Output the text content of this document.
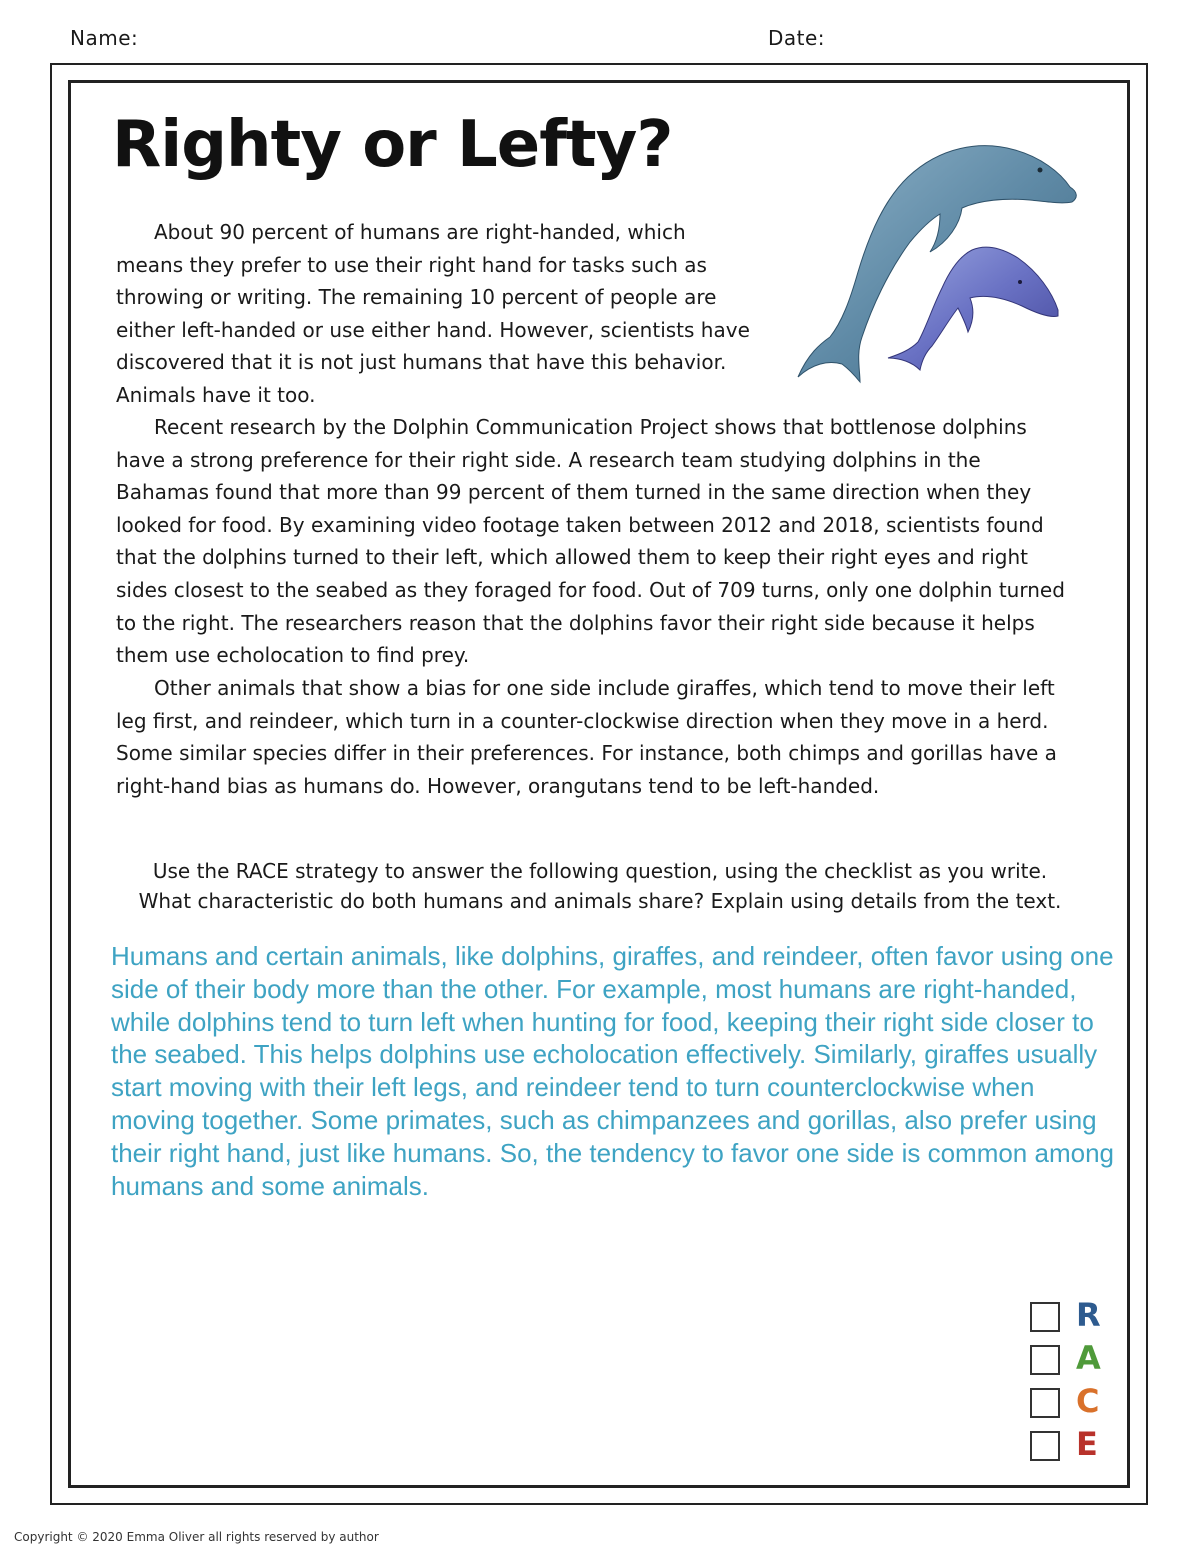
Name:	Date:
Righty or Lefty?

About 90 percent of humans are right-handed, which means they prefer to use their right hand for tasks such as throwing or writing. The remaining 10 percent of people are either left-handed or use either hand. However, scientists have discovered that it is not just humans that have this behavior. Animals have it too.

Recent research by the Dolphin Communication Project shows that bottlenose dolphins have a strong preference for their right side. A research team studying dolphins in the Bahamas found that more than 99 percent of them turned in the same direction when they looked for food. By examining video footage taken between 2012 and 2018, scientists found that the dolphins turned to their left, which allowed them to keep their right eyes and right sides closest to the seabed as they foraged for food. Out of 709 turns, only one dolphin turned to the right. The researchers reason that the dolphins favor their right side because it helps them use echolocation to find prey.

Other animals that show a bias for one side include giraffes, which tend to move their left leg first, and reindeer, which turn in a counter-clockwise direction when they move in a herd. Some similar species differ in their preferences. For instance, both chimps and gorillas have a right-hand bias as humans do. However, orangutans tend to be left-handed.

Use the RACE strategy to answer the following question, using the checklist as you write.

What characteristic do both humans and animals share? Explain using details from the text.

Humans and certain animals, like dolphins, giraffes, and reindeer, often favor using one side of their body more than the other. For example, most humans are right-handed, while dolphins tend to turn left when hunting for food, keeping their right side closer to the seabed. This helps dolphins use echolocation effectively. Similarly, giraffes usually start moving with their left legs, and reindeer tend to turn counterclockwise when moving together. Some primates, such as chimpanzees and gorillas, also prefer using their right hand, just like humans. So, the tendency to favor one side is common among humans and some animals.

R
A
C
E
Copyright © 2020 Emma Oliver all rights reserved by author
